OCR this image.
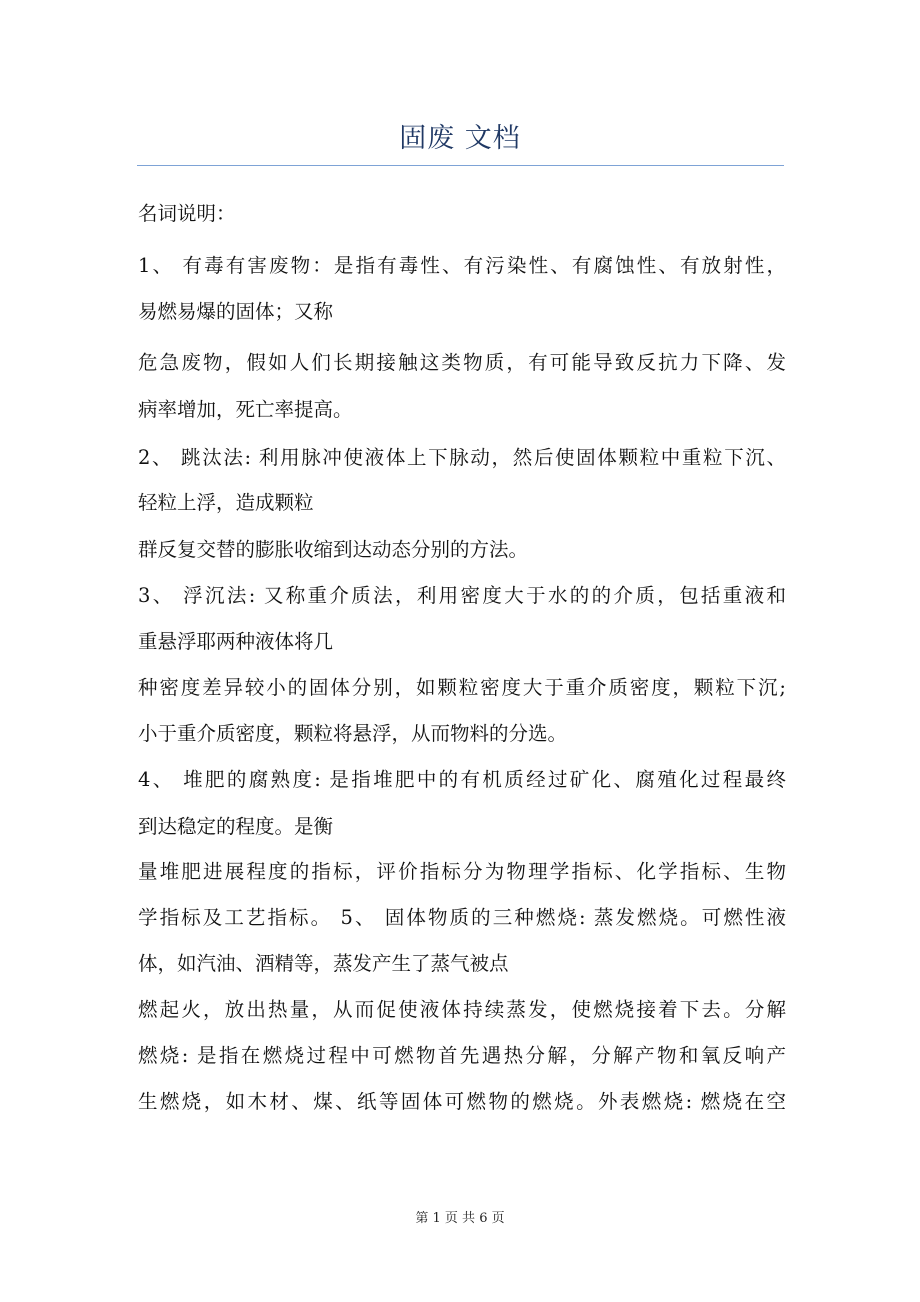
固废 文档
名词说明：
1、 有毒有害废物：是指有毒性、有污染性、有腐蚀性、有放射性，
易燃易爆的固体；又称
危急废物，假如人们长期接触这类物质，有可能导致反抗力下降、发
病率增加，死亡率提高。
2、 跳汰法: 利用脉冲使液体上下脉动，然后使固体颗粒中重粒下沉、
轻粒上浮，造成颗粒
群反复交替的膨胀收缩到达动态分别的方法。
3、 浮沉法: 又称重介质法，利用密度大于水的的介质，包括重液和
重悬浮耶两种液体将几
种密度差异较小的固体分别，如颗粒密度大于重介质密度，颗粒下沉;
小于重介质密度，颗粒将悬浮，从而物料的分选。
4、 堆肥的腐熟度: 是指堆肥中的有机质经过矿化、腐殖化过程最终
到达稳定的程度。是衡
量堆肥进展程度的指标，评价指标分为物理学指标、化学指标、生物
学指标及工艺指标。 5、 固体物质的三种燃烧: 蒸发燃烧。可燃性液
体，如汽油、酒精等，蒸发产生了蒸气被点
燃起火，放出热量，从而促使液体持续蒸发，使燃烧接着下去。分解
燃烧: 是指在燃烧过程中可燃物首先遇热分解，分解产物和氧反响产
生燃烧，如木材、煤、纸等固体可燃物的燃烧。外表燃烧: 燃烧在空
第 1 页 共 6 页
